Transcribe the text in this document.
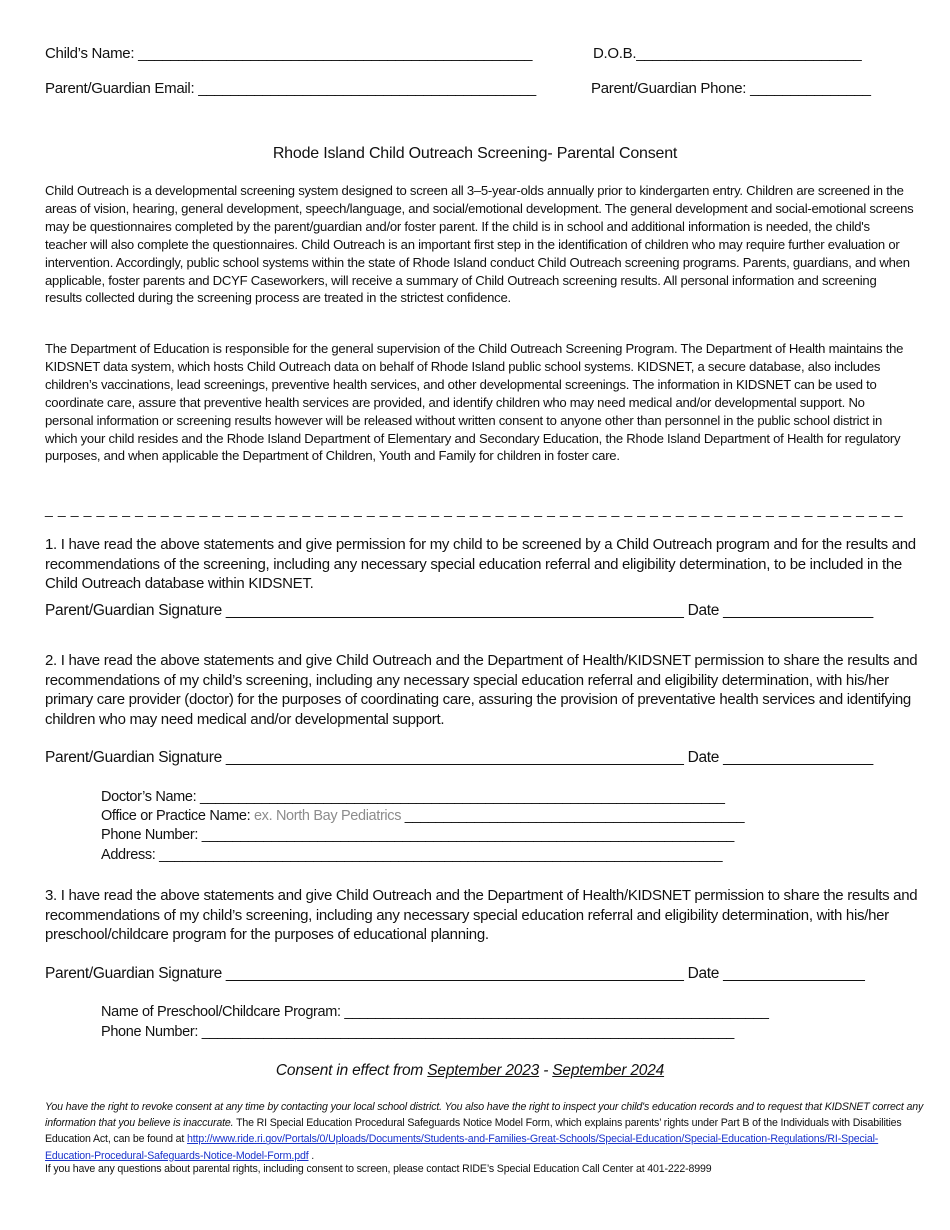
Child’s Name: _________________________________________________	D.O.B.____________________________
Parent/Guardian Email: __________________________________________	Parent/Guardian Phone: _______________
Rhode Island Child Outreach Screening- Parental Consent
Child Outreach is a developmental screening system designed to screen all 3–5-year-olds annually prior to kindergarten entry. Children are screened in the areas of vision, hearing, general development, speech/language, and social/emotional development. The general development and social-emotional screens may be questionnaires completed by the parent/guardian and/or foster parent. If the child is in school and additional information is needed, the child's teacher will also complete the questionnaires. Child Outreach is an important first step in the identification of children who may require further evaluation or intervention. Accordingly, public school systems within the state of Rhode Island conduct Child Outreach screening programs. Parents, guardians, and when applicable, foster parents and DCYF Caseworkers, will receive a summary of Child Outreach screening results. All personal information and screening results collected during the screening process are treated in the strictest confidence.
The Department of Education is responsible for the general supervision of the Child Outreach Screening Program. The Department of Health maintains the KIDSNET data system, which hosts Child Outreach data on behalf of Rhode Island public school systems. KIDSNET, a secure database, also includes children’s vaccinations, lead screenings, preventive health services, and other developmental screenings. The information in KIDSNET can be used to coordinate care, assure that preventive health services are provided, and identify children who may need medical and/or developmental support. No personal information or screening results however will be released without written consent to anyone other than personnel in the public school district in which your child resides and the Rhode Island Department of Elementary and Secondary Education, the Rhode Island Department of Health for regulatory purposes, and when applicable the Department of Children, Youth and Family for children in foster care.
_ _ _ _ _ _ _ _ _ _ _ _ _ _ _ _ _ _ _ _ _ _ _ _ _ _ _ _ _ _ _ _ _ _ _ _ _ _ _ _ _ _ _ _ _ _ _ _ _ _ _ _ _ _ _ _ _ _ _ _ _ _ _ _ _ _ _
1. I have read the above statements and give permission for my child to be screened by a Child Outreach program and for the results and recommendations of the screening, including any necessary special education referral and eligibility determination, to be included in the Child Outreach database within KIDSNET.
Parent/Guardian Signature _______________________________________________________ Date __________________
2. I have read the above statements and give Child Outreach and the Department of Health/KIDSNET permission to share the results and recommendations of my child’s screening, including any necessary special education referral and eligibility determination, with his/her primary care provider (doctor) for the purposes of coordinating care, assuring the provision of preventative health services and identifying children who may need medical and/or developmental support.
Parent/Guardian Signature _______________________________________________________ Date __________________
Doctor’s Name: ____________________________________________________________________
Office or Practice Name: ex. North Bay Pediatrics ____________________________________________
Phone Number: _____________________________________________________________________
Address: _________________________________________________________________________
3. I have read the above statements and give Child Outreach and the Department of Health/KIDSNET permission to share the results and recommendations of my child’s screening, including any necessary special education referral and eligibility determination, with his/her preschool/childcare program for the purposes of educational planning.
Parent/Guardian Signature _______________________________________________________ Date _________________
Name of Preschool/Childcare Program: _______________________________________________________
Phone Number: _____________________________________________________________________
Consent in effect from September 2023 - September 2024
You have the right to revoke consent at any time by contacting your local school district. You also have the right to inspect your child's education records and to request that KIDSNET correct any information that you believe is inaccurate. The RI Special Education Procedural Safeguards Notice Model Form, which explains parents’ rights under Part B of the Individuals with Disabilities Education Act, can be found at http://www.ride.ri.gov/Portals/0/Uploads/Documents/Students-and-Families-Great-Schools/Special-Education/Special-Education-Regulations/RI-Special-Education-Procedural-Safeguards-Notice-Model-Form.pdf .
If you have any questions about parental rights, including consent to screen, please contact RIDE’s Special Education Call Center at 401-222-8999
